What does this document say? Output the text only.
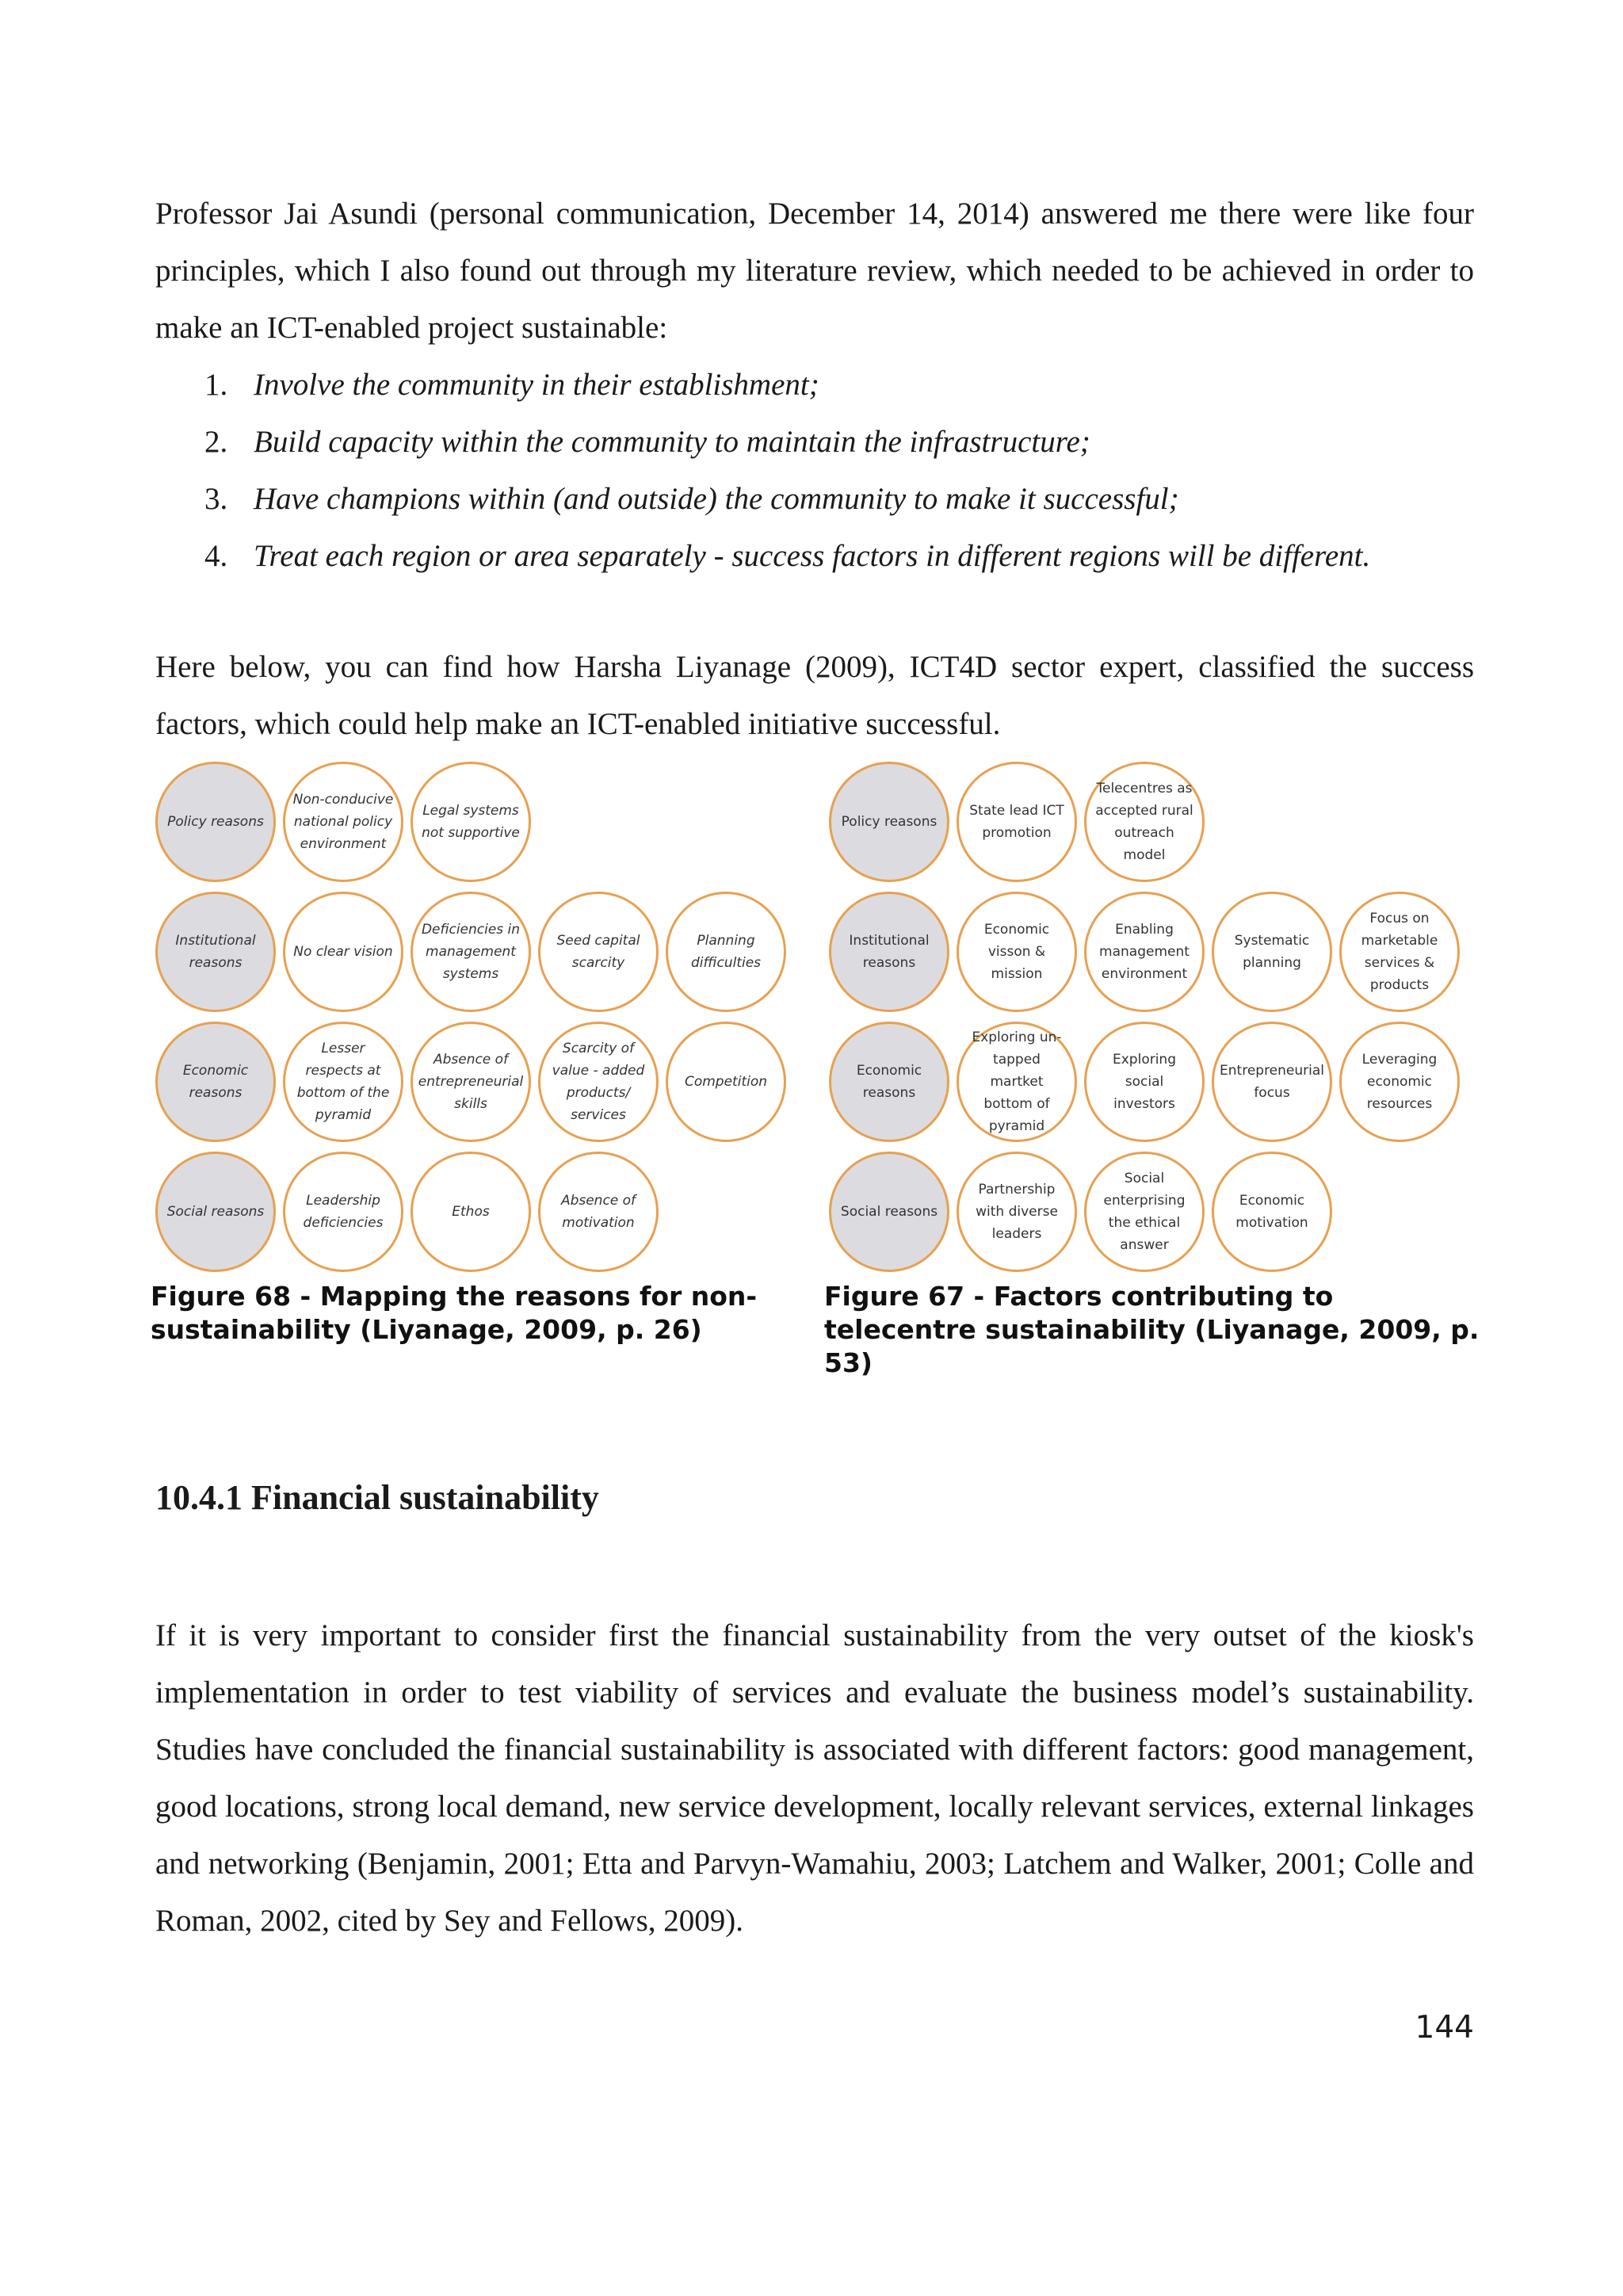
Professor Jai Asundi (personal communication, December 14, 2014) answered me there were like four principles, which I also found out through my literature review, which needed to be achieved in order to make an ICT-enabled project sustainable:

1. Involve the community in their establishment;
2. Build capacity within the community to maintain the infrastructure;
3. Have champions within (and outside) the community to make it successful;
4. Treat each region or area separately - success factors in different regions will be different.

Here below, you can find how Harsha Liyanage (2009), ICT4D sector expert, classified the success factors, which could help make an ICT-enabled initiative successful.

Policy reasons
Non-conducive national policy environment
Legal systems not supportive
Institutional reasons
No clear vision
Deficiencies in management systems
Seed capital scarcity
Planning difficulties
Economic reasons
Lesser respects at bottom of the pyramid
Absence of entrepreneurial skills
Scarcity of value - added products/ services
Competition
Social reasons
Leadership deficiencies
Ethos
Absence of motivation

Figure 68 - Mapping the reasons for non-sustainability (Liyanage, 2009, p. 26)

Policy reasons
State lead ICT promotion
Telecentres as accepted rural outreach model
Institutional reasons
Economic visson & mission
Enabling management environment
Systematic planning
Focus on marketable services & products
Economic reasons
Exploring un-tapped martket bottom of pyramid
Exploring social investors
Entrepreneurial focus
Leveraging economic resources
Social reasons
Partnership with diverse leaders
Social enterprising the ethical answer
Economic motivation

Figure 67 - Factors contributing to telecentre sustainability (Liyanage, 2009, p. 53)

10.4.1 Financial sustainability

If it is very important to consider first the financial sustainability from the very outset of the kiosk's implementation in order to test viability of services and evaluate the business model’s sustainability. Studies have concluded the financial sustainability is associated with different factors: good management, good locations, strong local demand, new service development, locally relevant services, external linkages and networking (Benjamin, 2001; Etta and Parvyn-Wamahiu, 2003; Latchem and Walker, 2001; Colle and Roman, 2002, cited by Sey and Fellows, 2009).

144
